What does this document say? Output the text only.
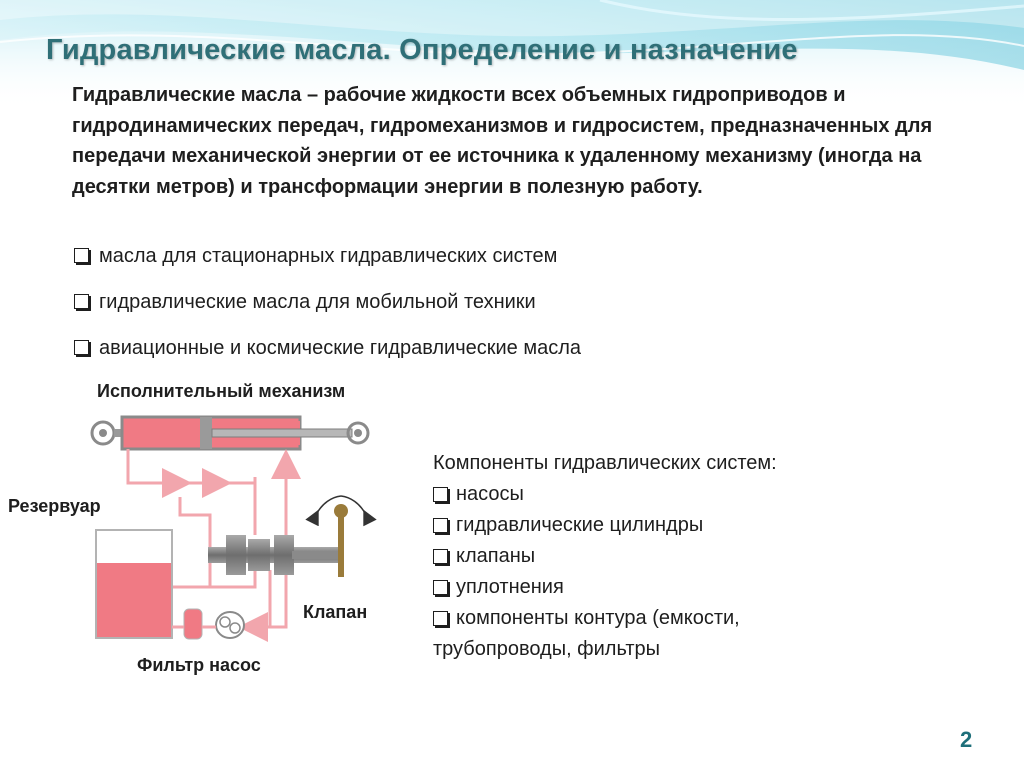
Гидравлические масла. Определение и назначение

Гидравлические масла – рабочие жидкости всех объемных гидроприводов и гидродинамических передач, гидромеханизмов и гидросистем, предназначенных для передачи механической энергии от ее источника к удаленному механизму (иногда на десятки метров) и трансформации энергии в полезную работу.

масла для стационарных гидравлических систем
гидравлические масла для мобильной техники
авиационные и космические гидравлические масла
Исполнительный механизм
Резервуар
Клапан
Фильтр насос

Компоненты гидравлических систем:

насосы
гидравлические цилиндры
клапаны
уплотнения
компоненты контура (емкости,

трубопроводы, фильтры

2
